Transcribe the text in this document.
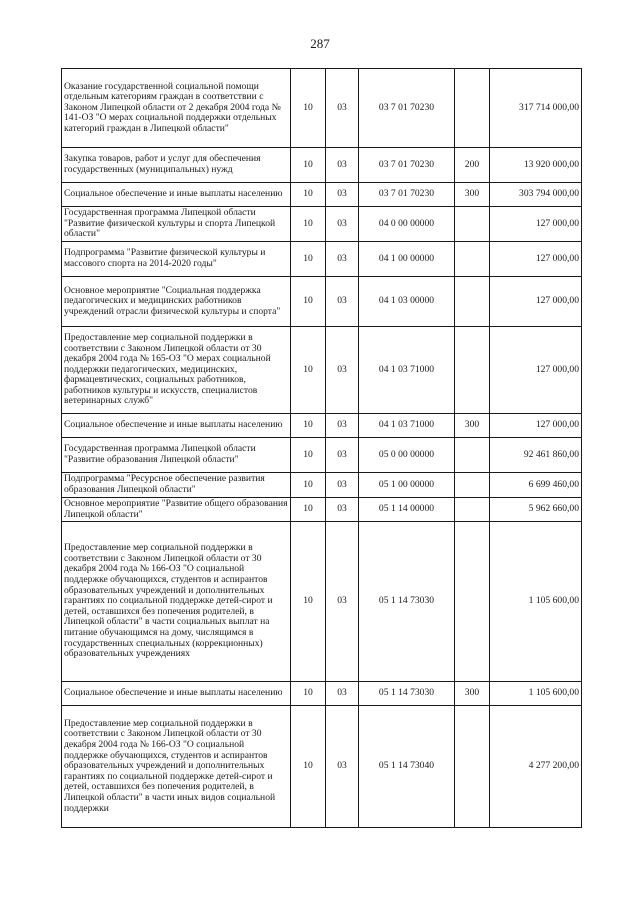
287
Оказание государственной социальной помощи отдельным категориям граждан в соответствии с Законом Липецкой области от 2 декабря 2004 года № 141-ОЗ "О мерах социальной поддержки отдельных категорий граждан в Липецкой области"	10	03	03 7 01 70230		317 714 000,00
Закупка товаров, работ и услуг для обеспечения государственных (муниципальных) нужд	10	03	03 7 01 70230	200	13 920 000,00
Социальное обеспечение и иные выплаты населению	10	03	03 7 01 70230	300	303 794 000,00
Государственная программа Липецкой области "Развитие физической культуры и спорта Липецкой области"	10	03	04 0 00 00000		127 000,00
Подпрограмма "Развитие физической культуры и массового спорта на 2014-2020 годы"	10	03	04 1 00 00000		127 000,00
Основное мероприятие "Социальная поддержка педагогических и медицинских работников учреждений отрасли физической культуры и спорта"	10	03	04 1 03 00000		127 000,00
Предоставление мер социальной поддержки в соответствии с Законом Липецкой области от 30 декабря 2004 года № 165-ОЗ "О мерах социальной поддержки педагогических, медицинских, фармацевтических, социальных работников, работников культуры и искусств, специалистов ветеринарных служб"	10	03	04 1 03 71000		127 000,00
Социальное обеспечение и иные выплаты населению	10	03	04 1 03 71000	300	127 000,00
Государственная программа Липецкой области "Развитие образования Липецкой области"	10	03	05 0 00 00000		92 461 860,00
Подпрограмма "Ресурсное обеспечение развития образования Липецкой области"	10	03	05 1 00 00000		6 699 460,00
Основное мероприятие "Развитие общего образования Липецкой области"	10	03	05 1 14 00000		5 962 660,00
Предоставление мер социальной поддержки в соответствии с Законом Липецкой области от 30 декабря 2004 года № 166-ОЗ "О социальной поддержке обучающихся, студентов и аспирантов образовательных учреждений и дополнительных гарантиях по социальной поддержке детей-сирот и детей, оставшихся без попечения родителей, в Липецкой области" в части социальных выплат на питание обучающимся на дому, числящимся в государственных специальных (коррекционных) образовательных учреждениях	10	03	05 1 14 73030		1 105 600,00
Социальное обеспечение и иные выплаты населению	10	03	05 1 14 73030	300	1 105 600,00
Предоставление мер социальной поддержки в соответствии с Законом Липецкой области от 30 декабря 2004 года № 166-ОЗ "О социальной поддержке обучающихся, студентов и аспирантов образовательных учреждений и дополнительных гарантиях по социальной поддержке детей-сирот и детей, оставшихся без попечения родителей, в Липецкой области" в части иных видов социальной поддержки	10	03	05 1 14 73040		4 277 200,00
